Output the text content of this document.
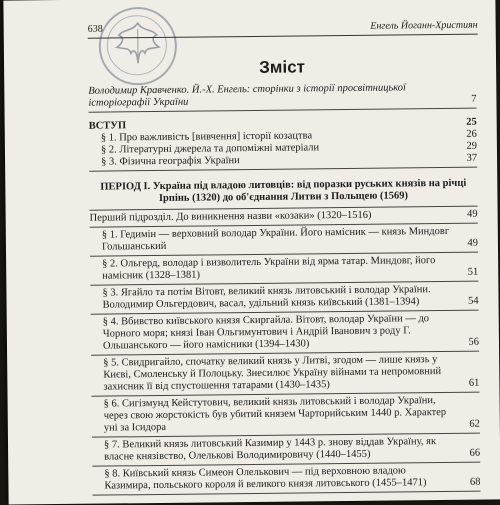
638	Енгель Йоганн-Християн
Зміст
Володимир Кравченко. Й.-Х. Енгель: сторінки з історії просвітницької історіографії України	7
ВСТУП	25
§ 1. Про важливість [вивчення] історії козацтва	26
§ 2. Літературні джерела та допоміжні матеріали	29
§ 3. Фізична географія України	37
ПЕРІОД І. Україна під владою литовців: від поразки руських князів на річці Ірпінь (1320) до об'єднання Литви з Польщею (1569)
Перший підрозділ. До виникнення назви «козаки» (1320–1516)	49
§ 1. Гедимін — верховний володар України. Його намісник — князь Миндовг Гольшанський	49
§ 2. Ольгерд, володар і визволитель України від ярма татар. Миндовг, його намісник (1328–1381)	51
§ 3. Ягайло та потім Вітовт, великий князь литовський і володар України. Володимир Ольгердович, васал, удільний князь київський (1381–1394)	54
§ 4. Вбивство київського князя Скиргайла. Вітовт, володар України — до Чорного моря; князі Іван Ольгимунтович і Андрій Іванович з роду Г. Ольшанського — його намісники (1394–1430)	56
§ 5. Свидригайло, спочатку великий князь у Литві, згодом — лише князь у Києві, Смоленську й Полоцьку. Знесилює Україну війнами та непромовний захисник її від спустошення татарами (1430–1435)	61
§ 6. Сигізмунд Кейстутович, великий князь литовський і володар України, через свою жорстокість був убитий князем Чарторийським 1440 р. Характер уні за Ісидора	62
§ 7. Великий князь литовський Казимир у 1443 р. знову віддав Україну, як власне князівство, Олелькові Володимировичу (1440–1455)	66
§ 8. Київський князь Симеон Олелькович — під верховною владою Казимира, польського короля й великого князя литовського (1455–1471)	68
